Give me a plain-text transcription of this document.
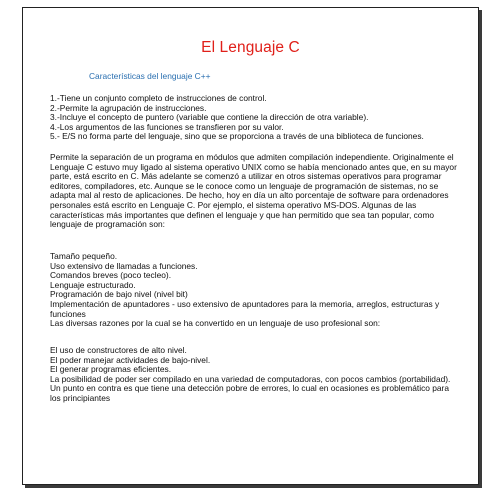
El Lenguaje C
Características del lenguaje C++

1.-Tiene un conjunto completo de instrucciones de control.

2.-Permite la agrupación de instrucciones.

3.-Incluye el concepto de puntero (variable que contiene la dirección de otra variable).

4.-Los argumentos de las funciones se transfieren por su valor.

5.- E/S no forma parte del lenguaje, sino que se proporciona a través de una biblioteca de funciones.

Permite la separación de un programa en módulos que admiten compilación independiente. Originalmente el Lenguaje C estuvo muy ligado al sistema operativo UNIX como se había mencionado antes que, en su mayor parte, está escrito en C. Más adelante se comenzó a utilizar en otros sistemas operativos para programar editores, compiladores, etc. Aunque se le conoce como un lenguaje de programación de sistemas, no se adapta mal al resto de aplicaciones. De hecho, hoy en día un alto porcentaje de software para ordenadores personales está escrito en Lenguaje C. Por ejemplo, el sistema operativo MS-DOS. Algunas de las características más importantes que definen el lenguaje y que han permitido que sea tan popular, como lenguaje de programación son:

Tamaño pequeño.

Uso extensivo de llamadas a funciones.

Comandos breves (poco tecleo).

Lenguaje estructurado.

Programación de bajo nivel (nivel bit)

Implementación de apuntadores - uso extensivo de apuntadores para la memoria, arreglos, estructuras y funciones

Las diversas razones por la cual se ha convertido en un lenguaje de uso profesional son:

El uso de constructores de alto nivel.

El poder manejar actividades de bajo-nivel.

El generar programas eficientes.

La posibilidad de poder ser compilado en una variedad de computadoras, con pocos cambios (portabilidad).

Un punto en contra es que tiene una detección pobre de errores, lo cual en ocasiones es problemático para los principiantes
